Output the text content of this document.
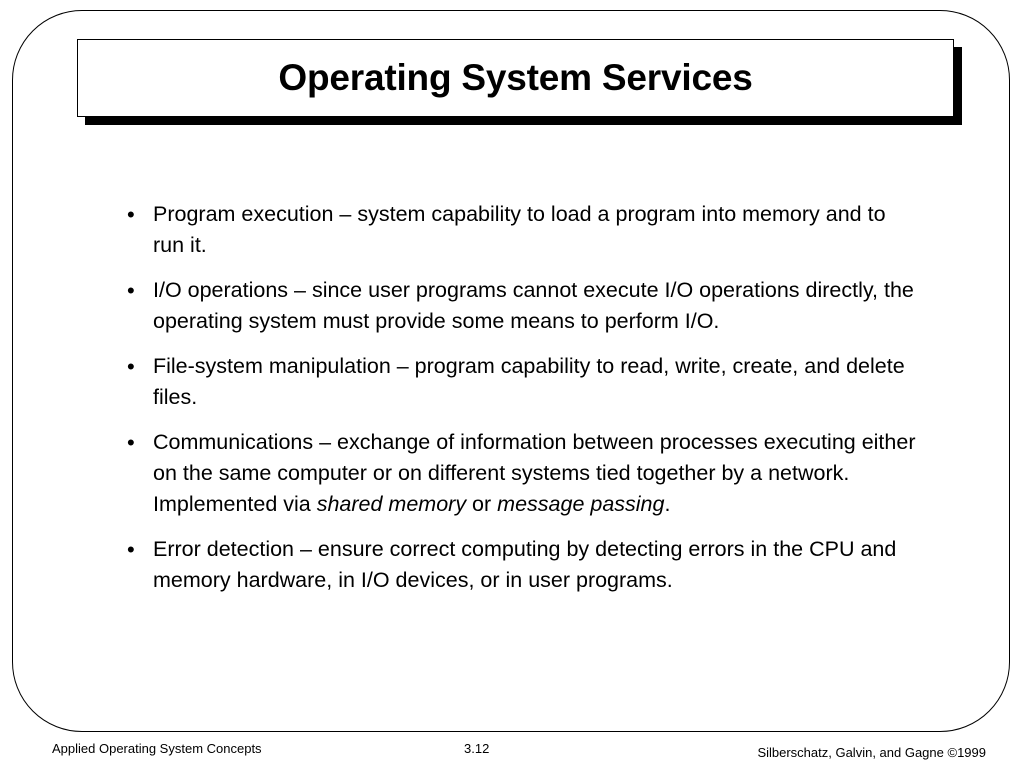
Operating System Services
• Program execution – system capability to load a program into memory and to run it.
• I/O operations – since user programs cannot execute I/O operations directly, the operating system must provide some means to perform I/O.
• File-system manipulation – program capability to read, write, create, and delete files.
• Communications – exchange of information between processes executing either on the same computer or on different systems tied together by a network. Implemented via shared memory or message passing.
• Error detection – ensure correct computing by detecting errors in the CPU and memory hardware, in I/O devices, or in user programs.
Applied Operating System Concepts	3.12	Silberschatz, Galvin, and Gagne ©1999
